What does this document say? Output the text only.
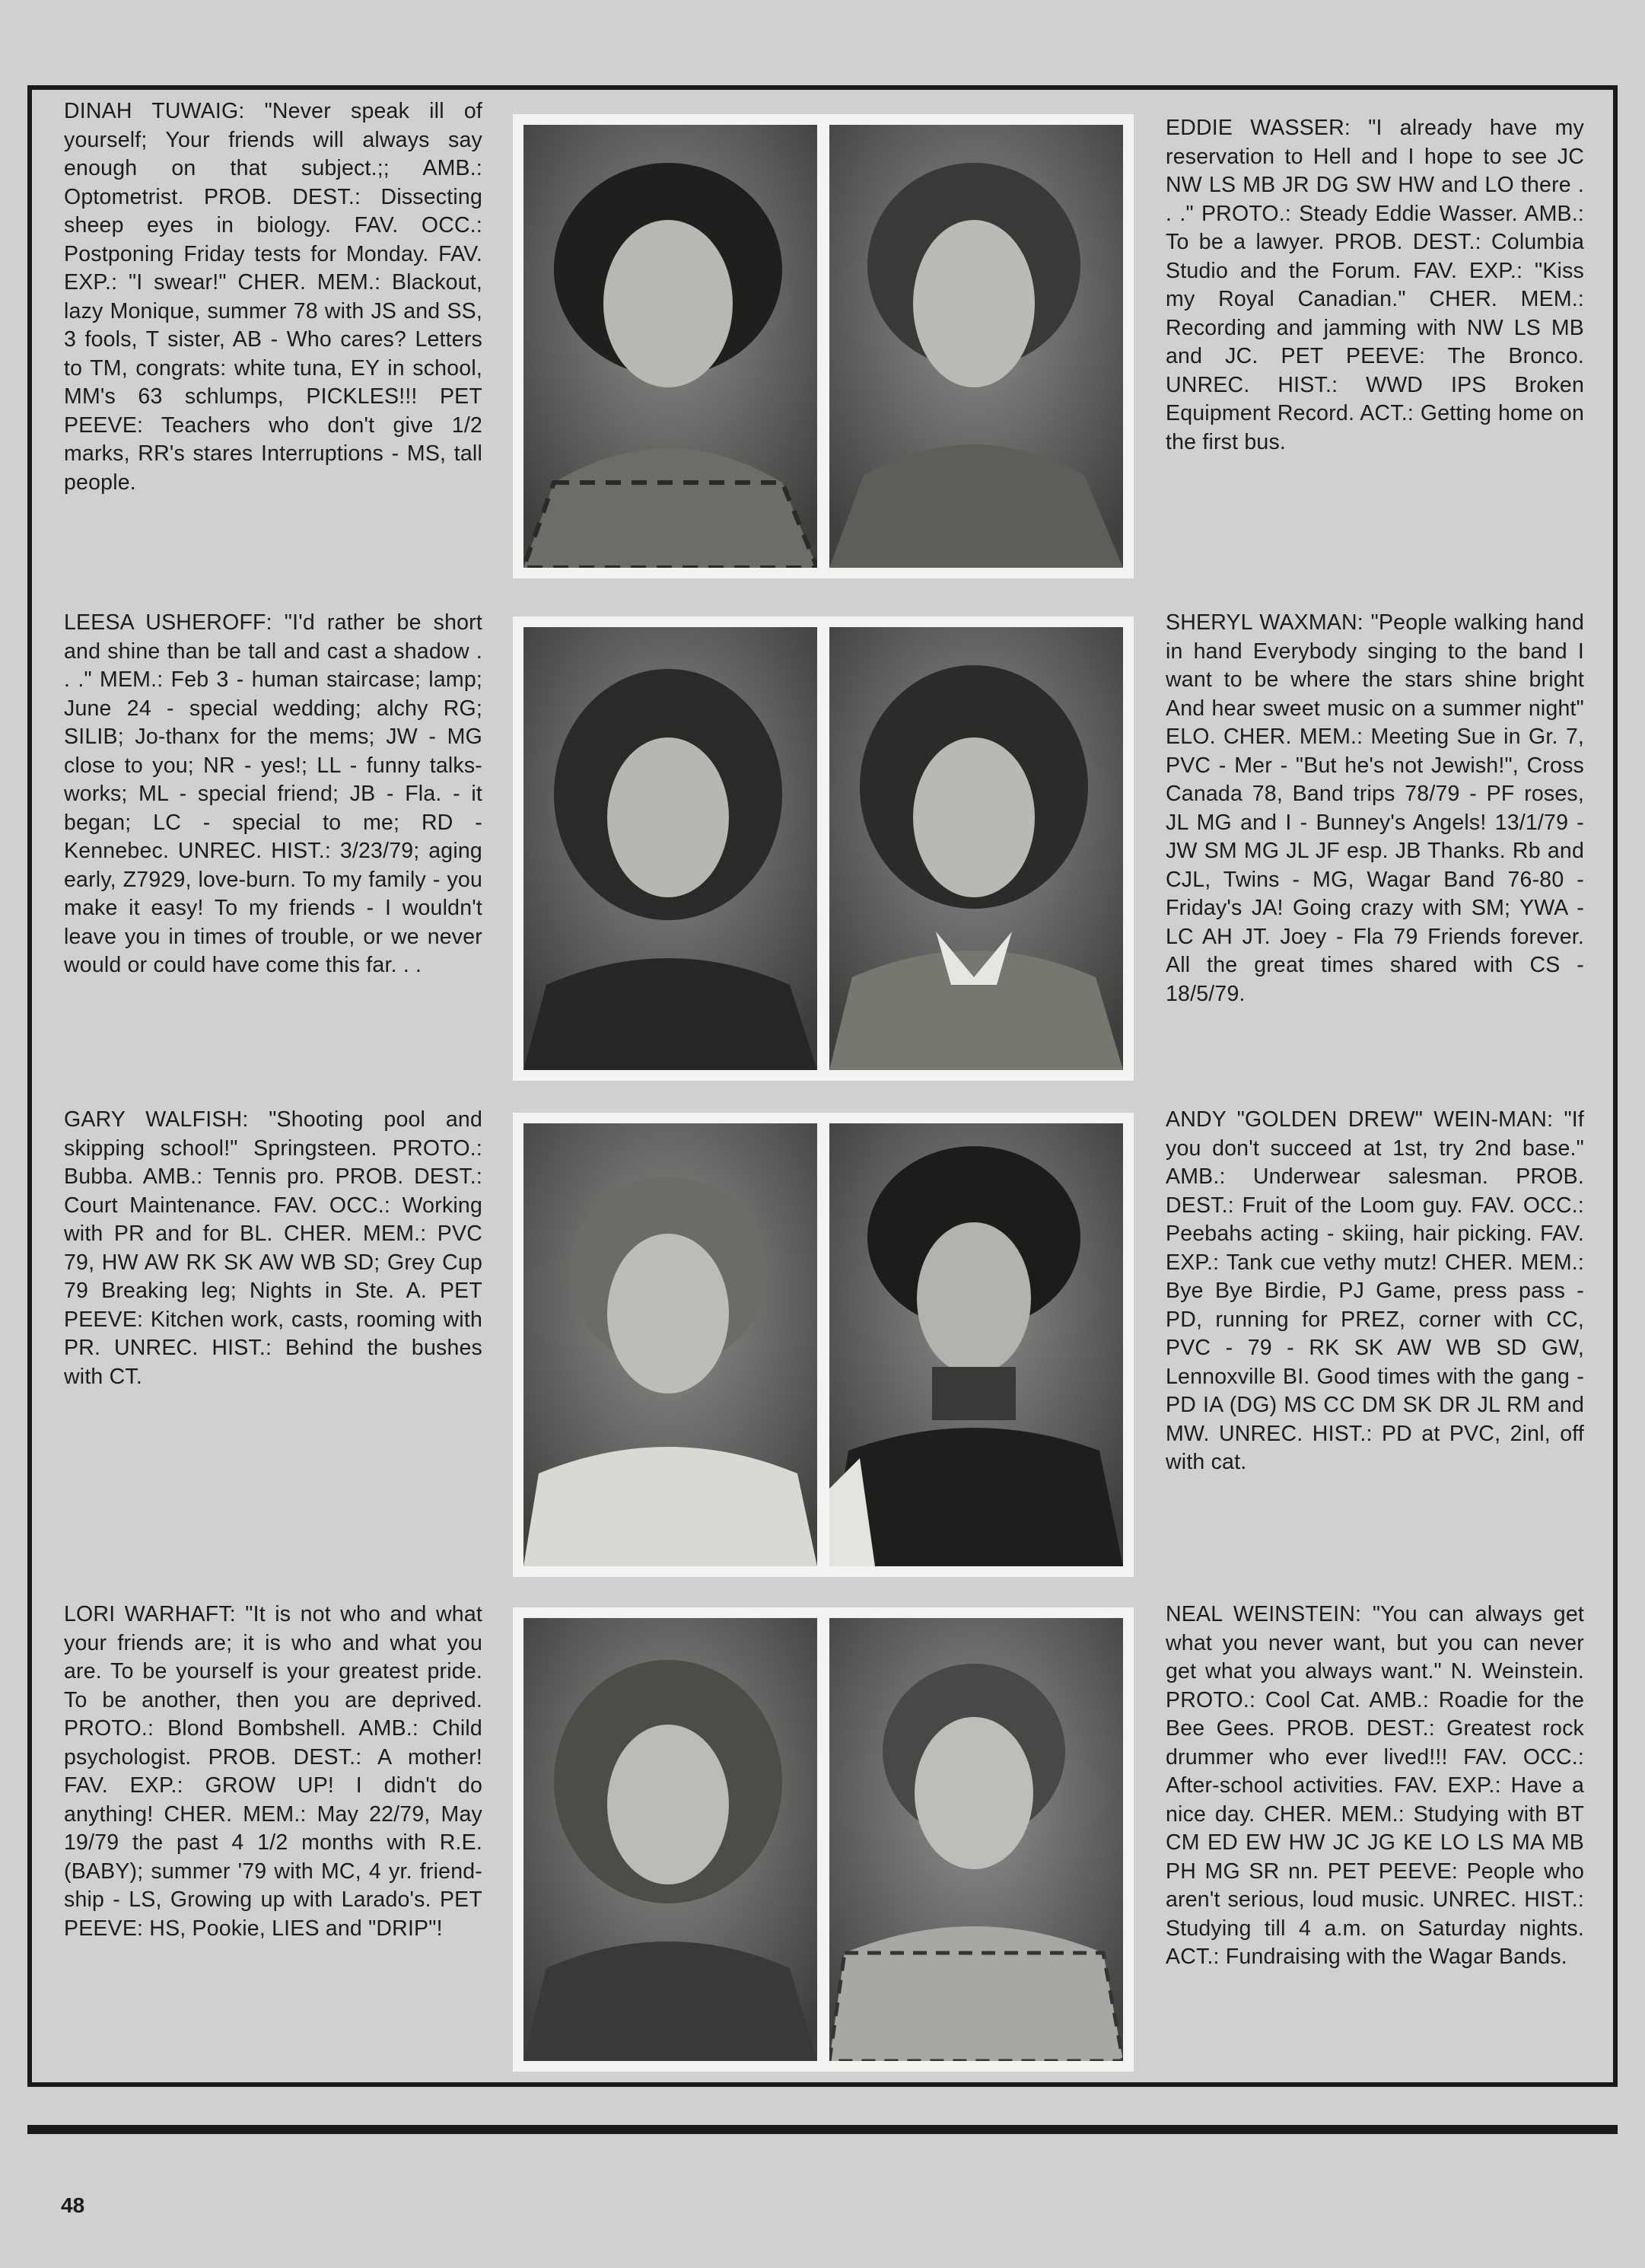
DINAH TUWAIG: "Never speak ill of yourself; Your friends will always say enough on that subject.;; AMB.: Optometrist. PROB. DEST.: Dissecting sheep eyes in biology. FAV. OCC.: Postponing Friday tests for Monday. FAV. EXP.: "I swear!" CHER. MEM.: Blackout, lazy Monique, summer 78 with JS and SS, 3 fools, T sister, AB - Who cares? Letters to TM, congrats: white tuna, EY in school, MM's 63 schlumps, PICKLES!!! PET PEEVE: Teachers who don't give 1/2 marks, RR's stares Interruptions - MS, tall people.

EDDIE WASSER: "I already have my reservation to Hell and I hope to see JC NW LS MB JR DG SW HW and LO there . . ." PROTO.: Steady Eddie Wasser. AMB.: To be a lawyer. PROB. DEST.: Columbia Studio and the Forum. FAV. EXP.: "Kiss my Royal Canadian." CHER. MEM.: Recording and jamming with NW LS MB and JC. PET PEEVE: The Bronco. UNREC. HIST.: WWD IPS Broken Equipment Record. ACT.: Getting home on the first bus.

LEESA USHEROFF: "I'd rather be short and shine than be tall and cast a shadow . . ." MEM.: Feb 3 - human staircase; lamp; June 24 - special wedding; alchy RG; SILIB; Jo-thanx for the mems; JW - MG close to you; NR - yes!; LL - funny talks-works; ML - special friend; JB - Fla. - it began; LC - special to me; RD - Kennebec. UNREC. HIST.: 3/23/79; aging early, Z7929, love-burn. To my family - you make it easy! To my friends - I wouldn't leave you in times of trouble, or we never would or could have come this far. . .

SHERYL WAXMAN: "People walking hand in hand Everybody singing to the band I want to be where the stars shine bright And hear sweet music on a summer night" ELO. CHER. MEM.: Meeting Sue in Gr. 7, PVC - Mer - "But he's not Jewish!", Cross Canada 78, Band trips 78/79 - PF roses, JL MG and I - Bunney's Angels! 13/1/79 - JW SM MG JL JF esp. JB Thanks. Rb and CJL, Twins - MG, Wagar Band 76-80 - Friday's JA! Going crazy with SM; YWA - LC AH JT. Joey - Fla 79 Friends forever. All the great times shared with CS - 18/5/79.

GARY WALFISH: "Shooting pool and skipping school!" Springsteen. PROTO.: Bubba. AMB.: Tennis pro. PROB. DEST.: Court Maintenance. FAV. OCC.: Working with PR and for BL. CHER. MEM.: PVC 79, HW AW RK SK AW WB SD; Grey Cup 79 Breaking leg; Nights in Ste. A. PET PEEVE: Kitchen work, casts, rooming with PR. UNREC. HIST.: Behind the bushes with CT.

ANDY "GOLDEN DREW" WEIN-MAN: "If you don't succeed at 1st, try 2nd base." AMB.: Underwear salesman. PROB. DEST.: Fruit of the Loom guy. FAV. OCC.: Peebahs acting - skiing, hair picking. FAV. EXP.: Tank cue vethy mutz! CHER. MEM.: Bye Bye Birdie, PJ Game, press pass - PD, running for PREZ, corner with CC, PVC - 79 - RK SK AW WB SD GW, Lennoxville BI. Good times with the gang - PD IA (DG) MS CC DM SK DR JL RM and MW. UNREC. HIST.: PD at PVC, 2inl, off with cat.

LORI WARHAFT: "It is not who and what your friends are; it is who and what you are. To be yourself is your greatest pride. To be another, then you are deprived. PROTO.: Blond Bombshell. AMB.: Child psychologist. PROB. DEST.: A mother! FAV. EXP.: GROW UP! I didn't do anything! CHER. MEM.: May 22/79, May 19/79 the past 4 1/2 months with R.E. (BABY); summer '79 with MC, 4 yr. friend-ship - LS, Growing up with Larado's. PET PEEVE: HS, Pookie, LIES and "DRIP"!

NEAL WEINSTEIN: "You can always get what you never want, but you can never get what you always want." N. Weinstein. PROTO.: Cool Cat. AMB.: Roadie for the Bee Gees. PROB. DEST.: Greatest rock drummer who ever lived!!! FAV. OCC.: After-school activities. FAV. EXP.: Have a nice day. CHER. MEM.: Studying with BT CM ED EW HW JC JG KE LO LS MA MB PH MG SR nn. PET PEEVE: People who aren't serious, loud music. UNREC. HIST.: Studying till 4 a.m. on Saturday nights. ACT.: Fundraising with the Wagar Bands.

48
